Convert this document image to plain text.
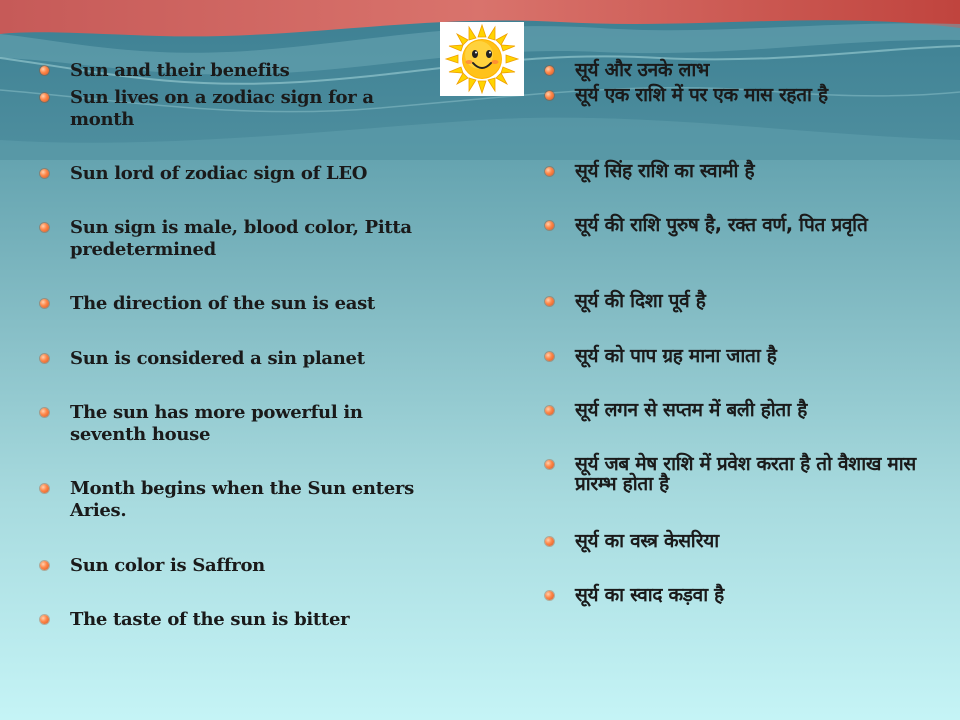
Sun and their benefits
Sun lives on a zodiac sign for a month
Sun lord of zodiac sign of LEO
Sun sign is male, blood color, Pitta predetermined
The direction of the sun is east
Sun is considered a sin planet
The sun has more powerful in seventh house
Month begins when the Sun enters Aries.
Sun color is Saffron
The taste of the sun is bitter
सूर्य और उनके लाभ
सूर्य एक राशि में पर एक मास रहता है
सूर्य सिंह राशि का स्वामी है
सूर्य की राशि पुरुष है, रक्त वर्ण, पित प्रवृति
सूर्य की दिशा पूर्व है
सूर्य को पाप ग्रह माना जाता है
सूर्य लगन से सप्तम में बली होता है
सूर्य जब मेष राशि में प्रवेश करता है तो वैशाख मास प्रारम्भ होता है
सूर्य का वस्त्र केसरिया
सूर्य का स्वाद कड़वा है
